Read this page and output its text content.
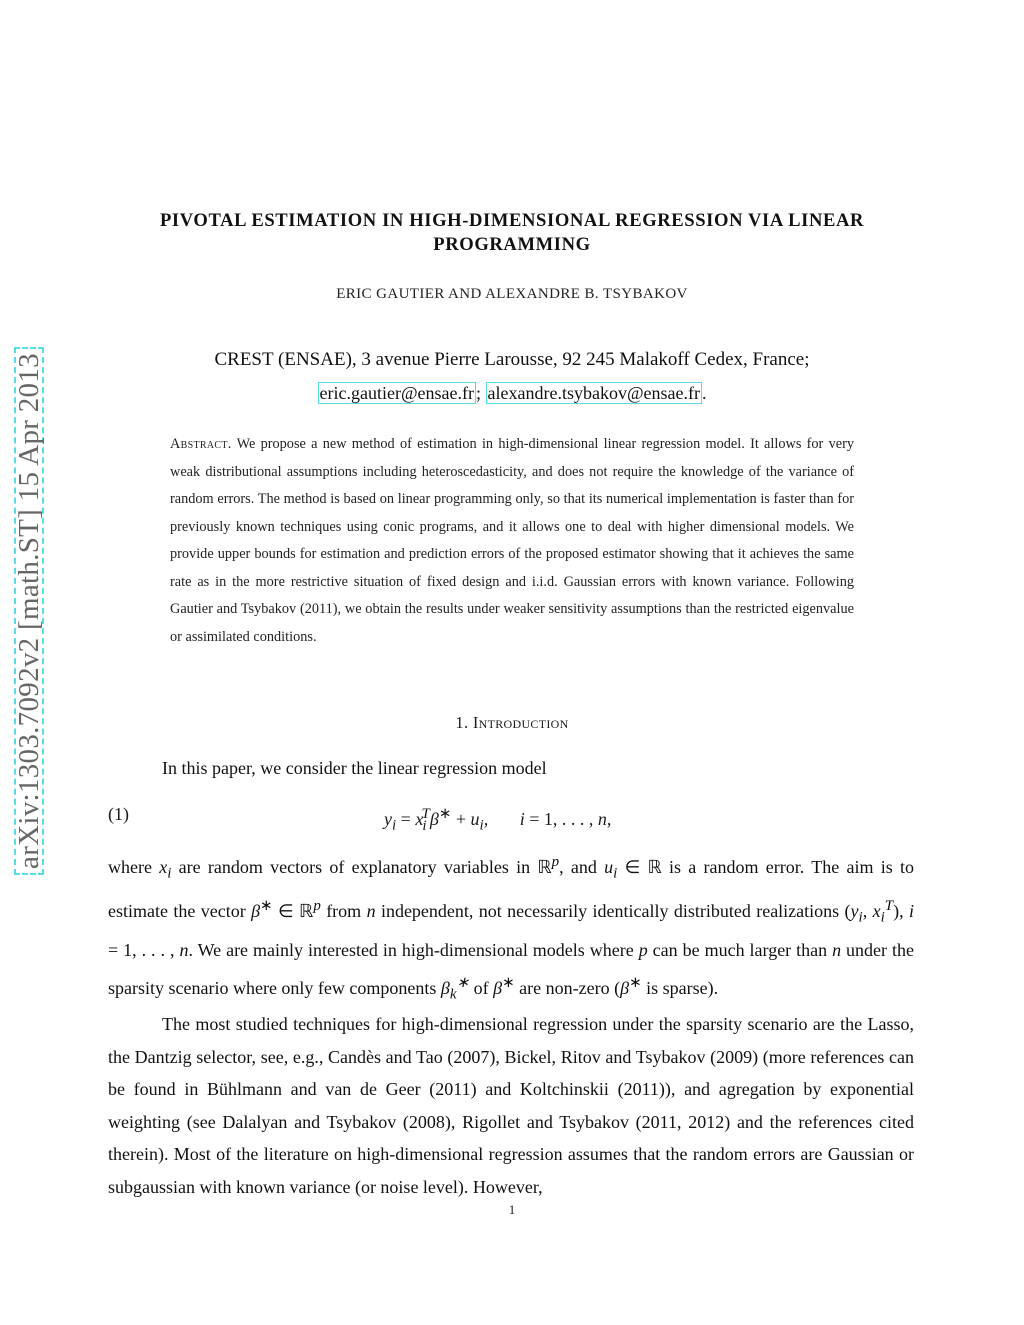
arXiv:1303.7092v2 [math.ST] 15 Apr 2013
PIVOTAL ESTIMATION IN HIGH-DIMENSIONAL REGRESSION VIA LINEAR
PROGRAMMING
ERIC GAUTIER AND ALEXANDRE B. TSYBAKOV
CREST (ENSAE), 3 avenue Pierre Larousse, 92 245 Malakoff Cedex, France;
eric.gautier@ensae.fr ; alexandre.tsybakov@ensae.fr .
Abstract. We propose a new method of estimation in high-dimensional linear regression model. It allows for very weak distributional assumptions including heteroscedasticity, and does not require the knowledge of the variance of random errors. The method is based on linear programming only, so that its numerical implementation is faster than for previously known techniques using conic programs, and it allows one to deal with higher dimensional models. We provide upper bounds for estimation and prediction errors of the proposed estimator showing that it achieves the same rate as in the more restrictive situation of fixed design and i.i.d. Gaussian errors with known variance. Following Gautier and Tsybakov (2011), we obtain the results under weaker sensitivity assumptions than the restricted eigenvalue or assimilated conditions.
1. Introduction
In this paper, we consider the linear regression model
(1)	$y_i = x_i^T\beta^∗ + u_i$,       i = 1, . . . , n,
where $x_i$ are random vectors of explanatory variables in ℝ$^p$, and $u_i$ ∈ ℝ is a random error. The aim is to estimate the vector β∗ ∈ ℝ$^p$ from n independent, not necessarily identically distributed realizations ($y_i$, $x_i^T$), i = 1, . . . , n. We are mainly interested in high-dimensional models where p can be much larger than n under the sparsity scenario where only few components $\beta_k^∗$ of β∗ are non-zero (β∗ is sparse).
The most studied techniques for high-dimensional regression under the sparsity scenario are the Lasso, the Dantzig selector, see, e.g., Candès and Tao (2007), Bickel, Ritov and Tsybakov (2009) (more references can be found in Bühlmann and van de Geer (2011) and Koltchinskii (2011)), and agregation by exponential weighting (see Dalalyan and Tsybakov (2008), Rigollet and Tsybakov (2011, 2012) and the references cited therein). Most of the literature on high-dimensional regression assumes that the random errors are Gaussian or subgaussian with known variance (or noise level). However,
1
